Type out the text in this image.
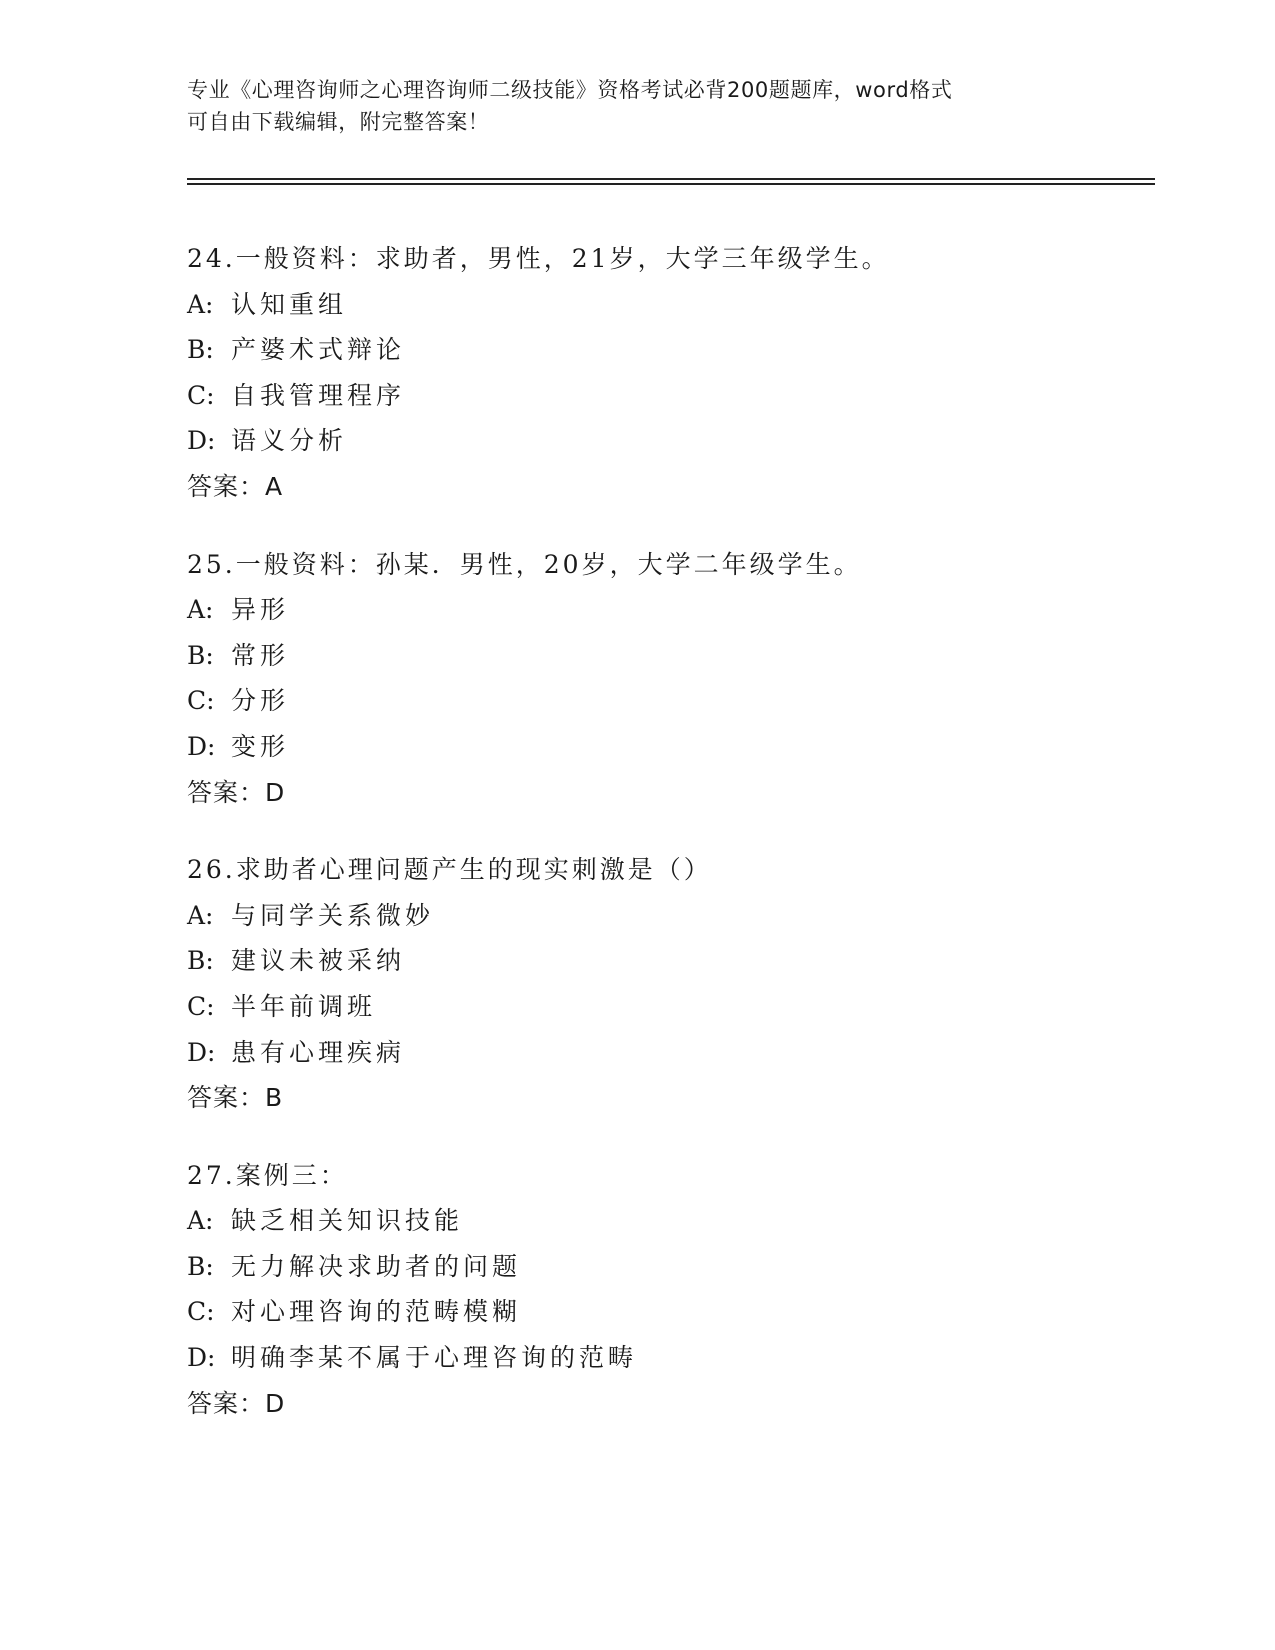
专业《心理咨询师之心理咨询师二级技能》资格考试必背200题题库，word格式
可自由下载编辑，附完整答案！
24.一般资料：求助者，男性，21岁，大学三年级学生。
A: 认知重组
B: 产婆术式辩论
C: 自我管理程序
D: 语义分析
答案：A
25.一般资料：孙某．男性，20岁，大学二年级学生。
A: 异形
B: 常形
C: 分形
D: 变形
答案：D
26.求助者心理问题产生的现实刺激是（）
A: 与同学关系微妙
B: 建议未被采纳
C: 半年前调班
D: 患有心理疾病
答案：B
27.案例三：
A: 缺乏相关知识技能
B: 无力解决求助者的问题
C: 对心理咨询的范畴模糊
D: 明确李某不属于心理咨询的范畴
答案：D
